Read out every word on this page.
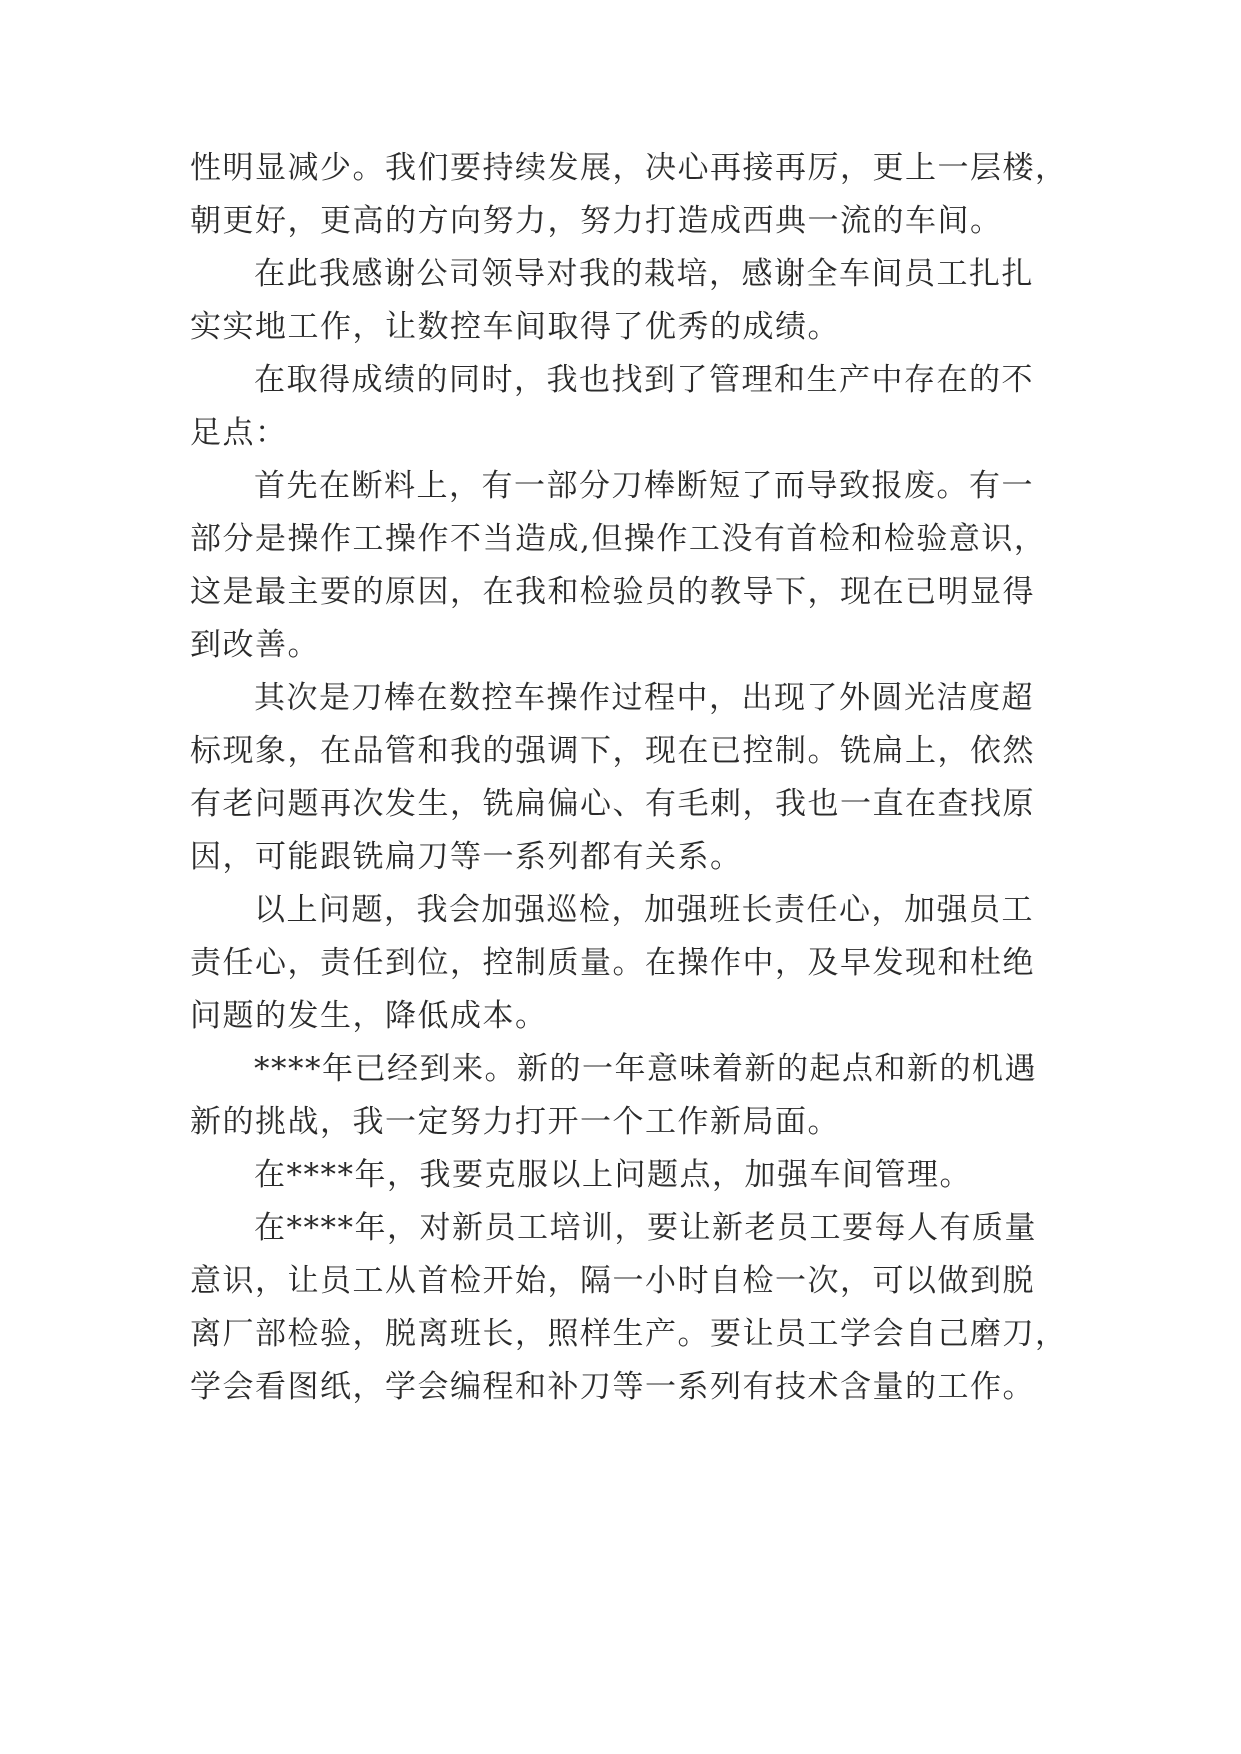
性明显减少。我们要持续发展，决心再接再厉，更上一层楼，

朝更好，更高的方向努力，努力打造成西典一流的车间。

在此我感谢公司领导对我的栽培，感谢全车间员工扎扎

实实地工作，让数控车间取得了优秀的成绩。

在取得成绩的同时，我也找到了管理和生产中存在的不

足点：

首先在断料上，有一部分刀棒断短了而导致报废。有一

部分是操作工操作不当造成,但操作工没有首检和检验意识，

这是最主要的原因，在我和检验员的教导下，现在已明显得

到改善。

其次是刀棒在数控车操作过程中，出现了外圆光洁度超

标现象，在品管和我的强调下，现在已控制。铣扁上，依然

有老问题再次发生，铣扁偏心、有毛刺，我也一直在查找原

因，可能跟铣扁刀等一系列都有关系。

以上问题，我会加强巡检，加强班长责任心，加强员工

责任心，责任到位，控制质量。在操作中，及早发现和杜绝

问题的发生，降低成本。

****年已经到来。新的一年意味着新的起点和新的机遇

新的挑战，我一定努力打开一个工作新局面。

在****年，我要克服以上问题点，加强车间管理。

在****年，对新员工培训，要让新老员工要每人有质量

意识，让员工从首检开始，隔一小时自检一次，可以做到脱

离厂部检验，脱离班长，照样生产。要让员工学会自己磨刀，

学会看图纸，学会编程和补刀等一系列有技术含量的工作。
